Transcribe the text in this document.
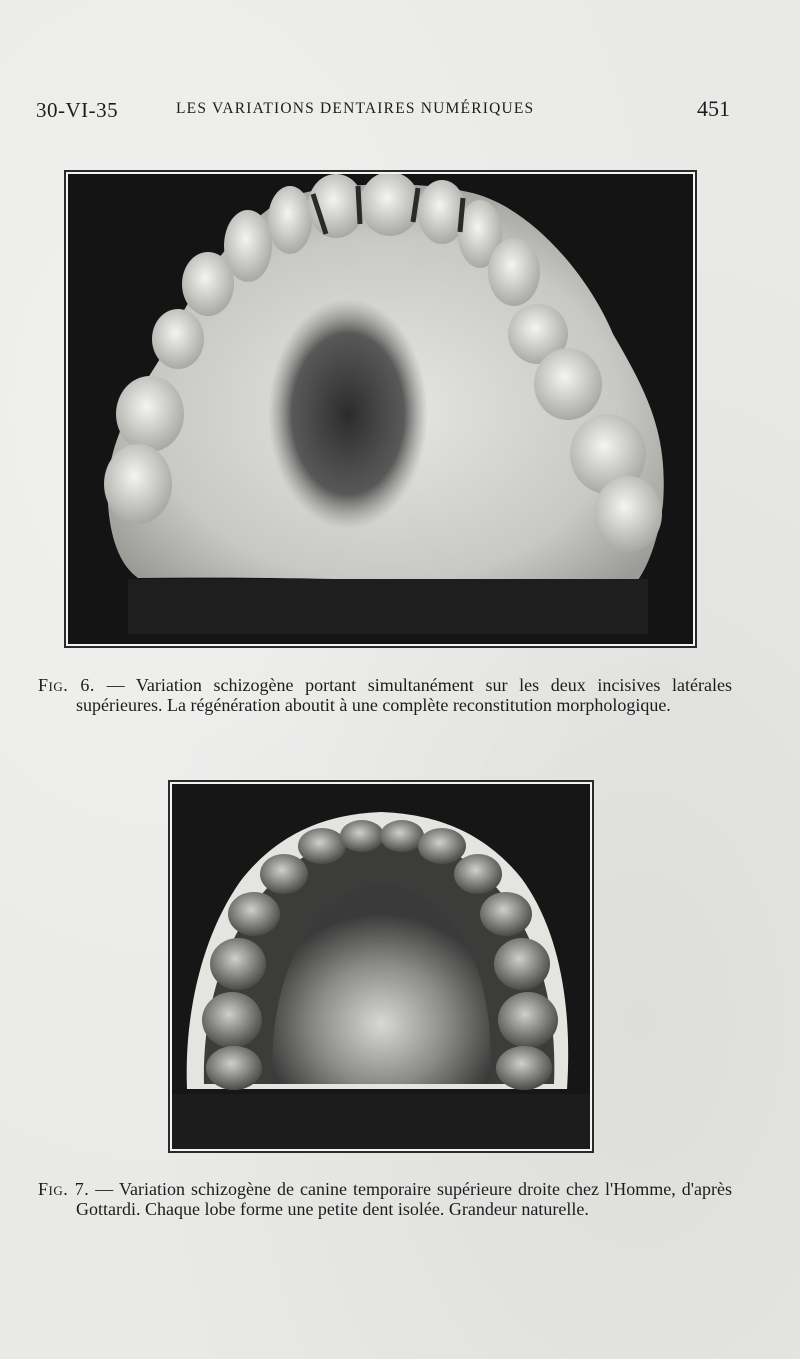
30-VI-35	LES VARIATIONS DENTAIRES NUMÉRIQUES	451

Fig. 6. — Variation schizogène portant simultanément sur les deux incisives latérales supérieures. La régénération aboutit à une complète reconstitution morphologique.

Fig. 7. — Variation schizogène de canine temporaire supérieure droite chez l'Homme, d'après Gottardi. Chaque lobe forme une petite dent isolée. Grandeur naturelle.
